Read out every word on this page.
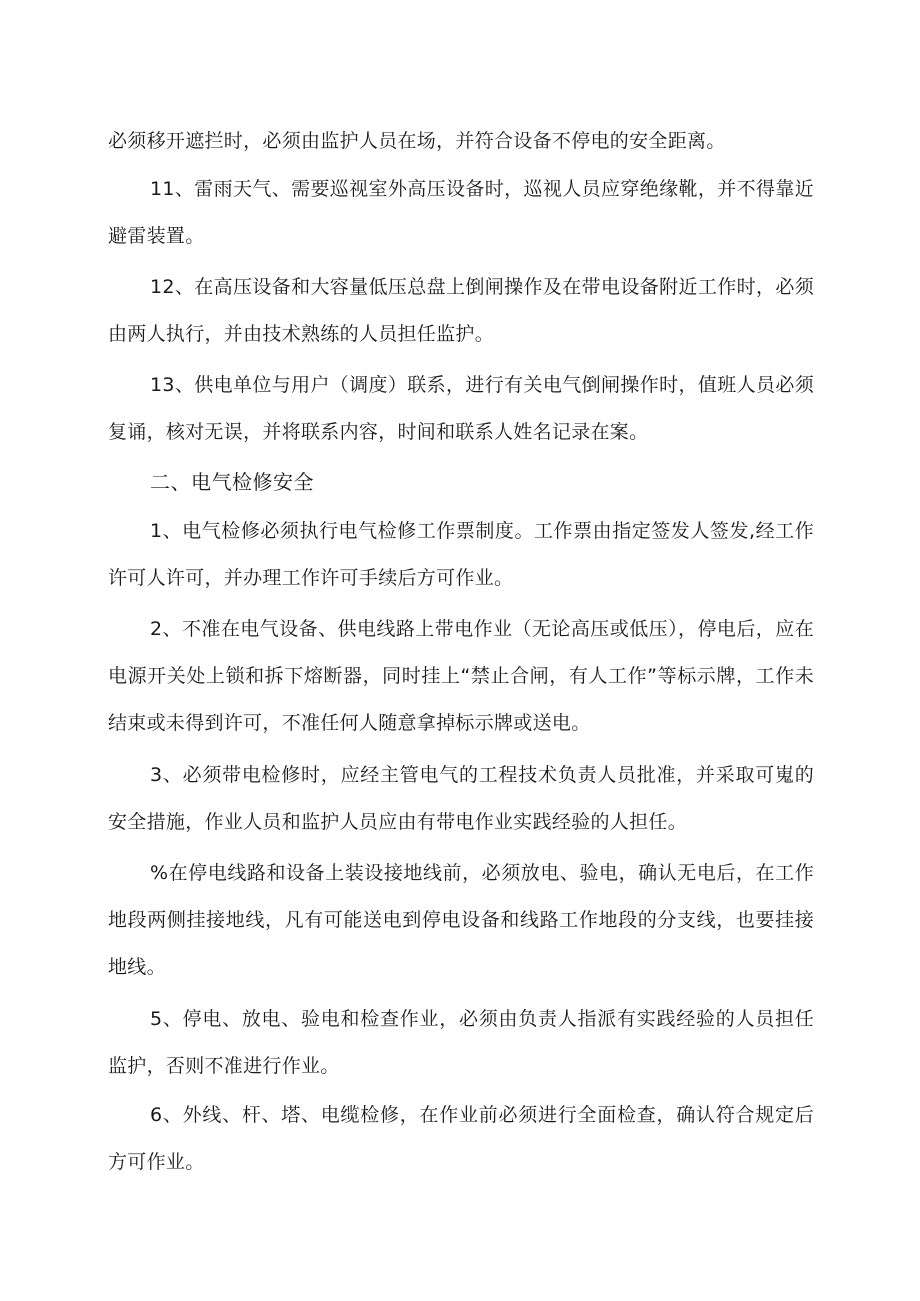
必须移开遮拦时，必须由监护人员在场，并符合设备不停电的安全距离。

11、雷雨天气、需要巡视室外高压设备时，巡视人员应穿绝缘靴，并不得靠近避雷装置。

12、在高压设备和大容量低压总盘上倒闸操作及在带电设备附近工作时，必须由两人执行，并由技术熟练的人员担任监护。

13、供电单位与用户（调度）联系，进行有关电气倒闸操作时，值班人员必须复诵，核对无误，并将联系内容，时间和联系人姓名记录在案。

二、电气检修安全

1、电气检修必须执行电气检修工作票制度。工作票由指定签发人签发,经工作许可人许可，并办理工作许可手续后方可作业。

2、不准在电气设备、供电线路上带电作业（无论高压或低压），停电后，应在电源开关处上锁和拆下熔断器，同时挂上“禁止合闸，有人工作”等标示牌，工作未结束或未得到许可，不准任何人随意拿掉标示牌或送电。

3、必须带电检修时，应经主管电气的工程技术负责人员批准，并采取可嵬的安全措施，作业人员和监护人员应由有带电作业实践经验的人担任。

%在停电线路和设备上装设接地线前，必须放电、验电，确认无电后，在工作地段两侧挂接地线，凡有可能送电到停电设备和线路工作地段的分支线，也要挂接地线。

5、停电、放电、验电和检查作业，必须由负责人指派有实践经验的人员担任监护，否则不准进行作业。

6、外线、杆、塔、电缆检修，在作业前必须进行全面检查，确认符合规定后方可作业。
